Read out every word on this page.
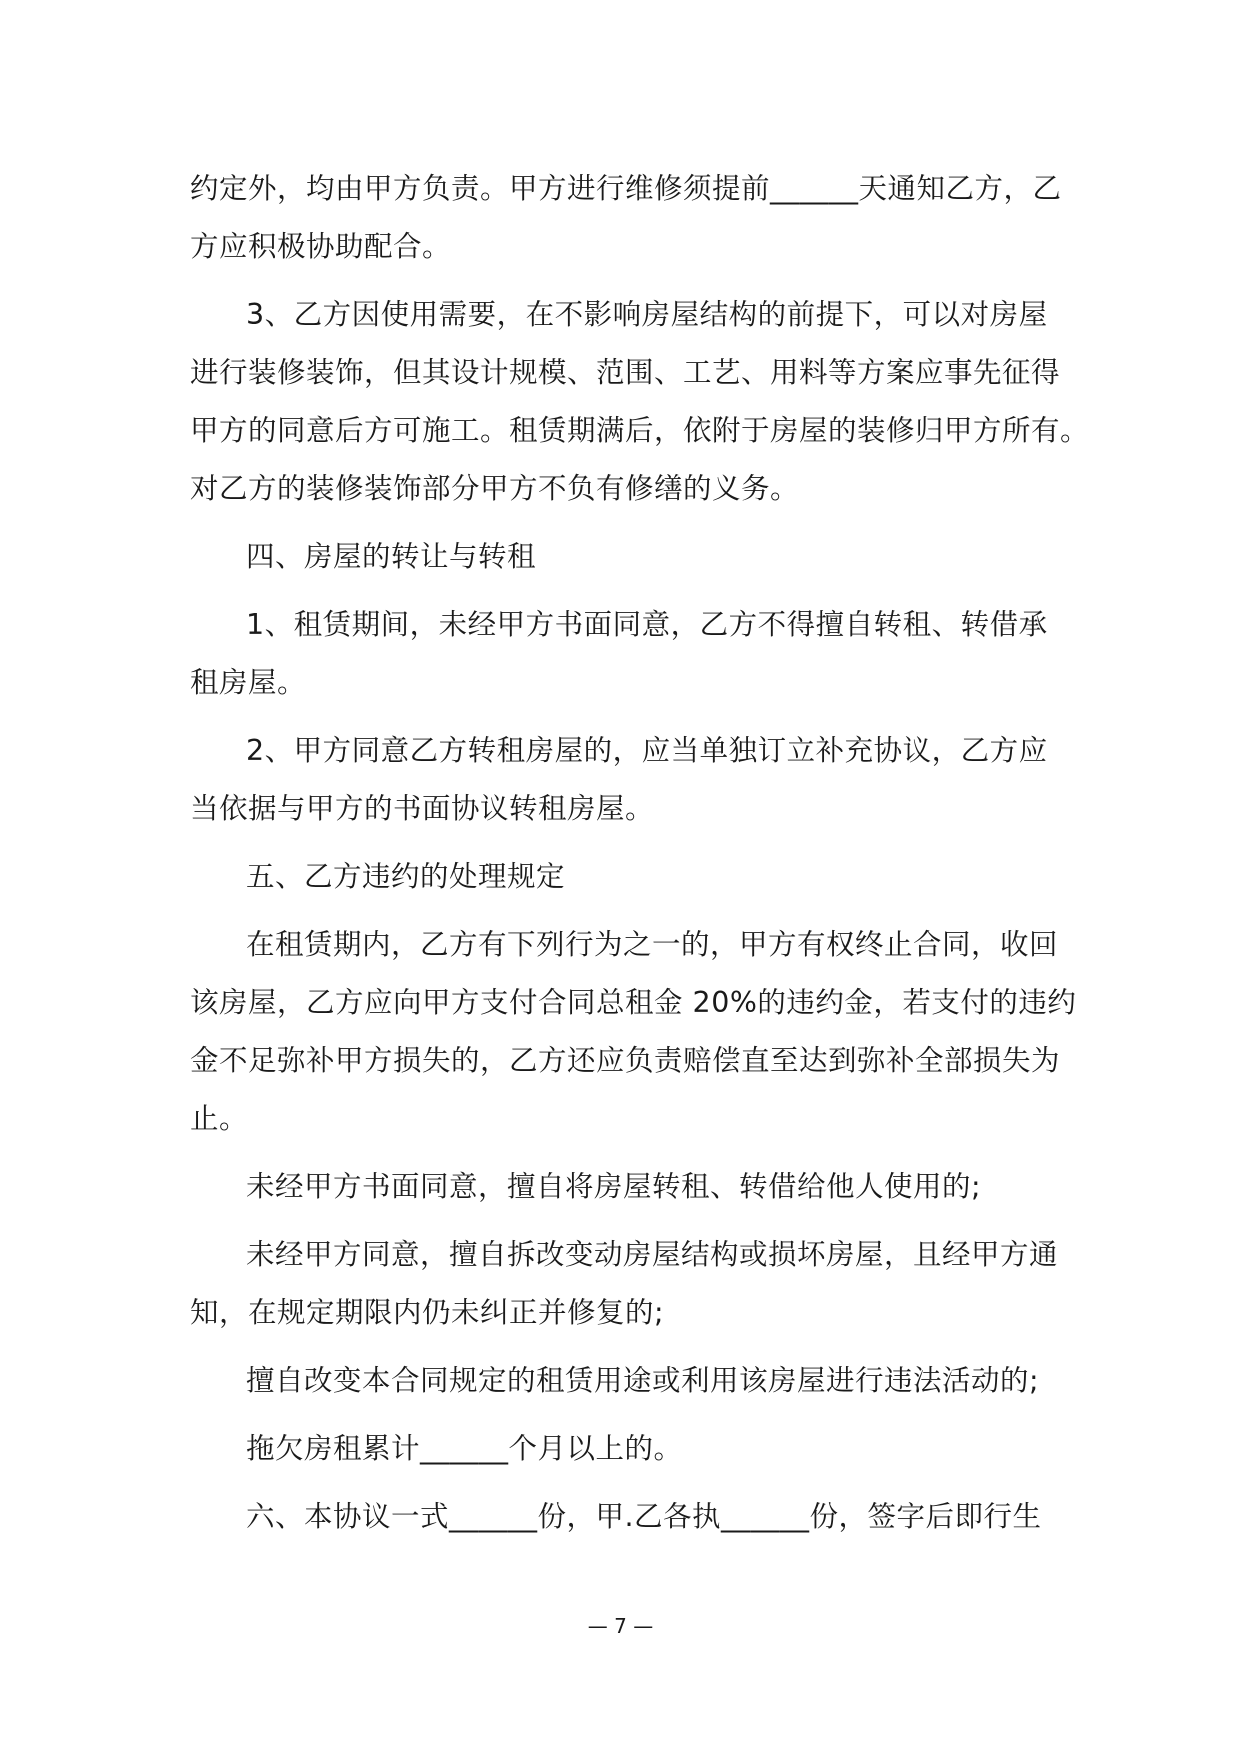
约定外，均由甲方负责。甲方进行维修须提前______天通知乙方，乙
方应积极协助配合。
3、乙方因使用需要，在不影响房屋结构的前提下，可以对房屋
进行装修装饰，但其设计规模、范围、工艺、用料等方案应事先征得
甲方的同意后方可施工。租赁期满后，依附于房屋的装修归甲方所有。
对乙方的装修装饰部分甲方不负有修缮的义务。
四、房屋的转让与转租
1、租赁期间，未经甲方书面同意，乙方不得擅自转租、转借承
租房屋。
2、甲方同意乙方转租房屋的，应当单独订立补充协议，乙方应
当依据与甲方的书面协议转租房屋。
五、乙方违约的处理规定
在租赁期内，乙方有下列行为之一的，甲方有权终止合同，收回
该房屋，乙方应向甲方支付合同总租金 20%的违约金，若支付的违约
金不足弥补甲方损失的，乙方还应负责赔偿直至达到弥补全部损失为
止。
未经甲方书面同意，擅自将房屋转租、转借给他人使用的;
未经甲方同意，擅自拆改变动房屋结构或损坏房屋，且经甲方通
知，在规定期限内仍未纠正并修复的;
擅自改变本合同规定的租赁用途或利用该房屋进行违法活动的;
拖欠房租累计______个月以上的。
六、本协议一式______份，甲.乙各执______份，签字后即行生
— 7 —
